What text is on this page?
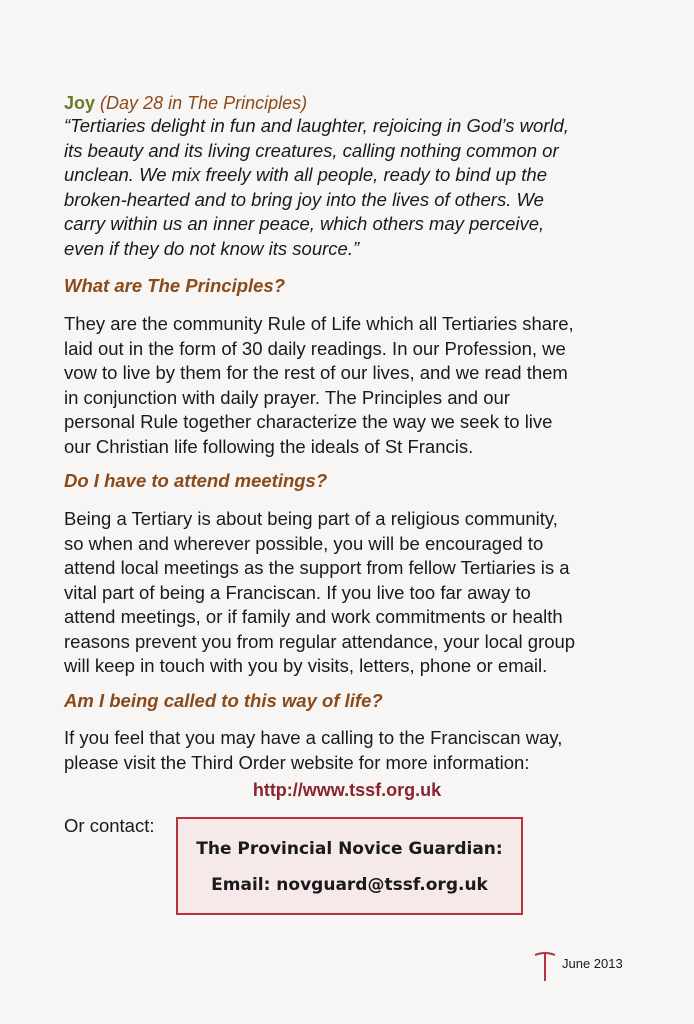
Joy (Day 28 in The Principles)
“Tertiaries delight in fun and laughter, rejoicing in God’s world,
its beauty and its living creatures, calling nothing common or
unclean. We mix freely with all people, ready to bind up the
broken-hearted and to bring joy into the lives of others. We
carry within us an inner peace, which others may perceive,
even if they do not know its source.”
What are The Principles?
They are the community Rule of Life which all Tertiaries share,
laid out in the form of 30 daily readings. In our Profession, we
vow to live by them for the rest of our lives, and we read them
in conjunction with daily prayer. The Principles and our
personal Rule together characterize the way we seek to live
our Christian life following the ideals of St Francis.
Do I have to attend meetings?
Being a Tertiary is about being part of a religious community,
so when and wherever possible, you will be encouraged to
attend local meetings as the support from fellow Tertiaries is a
vital part of being a Franciscan. If you live too far away to
attend meetings, or if family and work commitments or health
reasons prevent you from regular attendance, your local group
will keep in touch with you by visits, letters, phone or email.
Am I being called to this way of life?
If you feel that you may have a calling to the Franciscan way,
please visit the Third Order website for more information:
http://www.tssf.org.uk
Or contact:
The Provincial Novice Guardian:
Email: novguard@tssf.org.uk
June 2013
